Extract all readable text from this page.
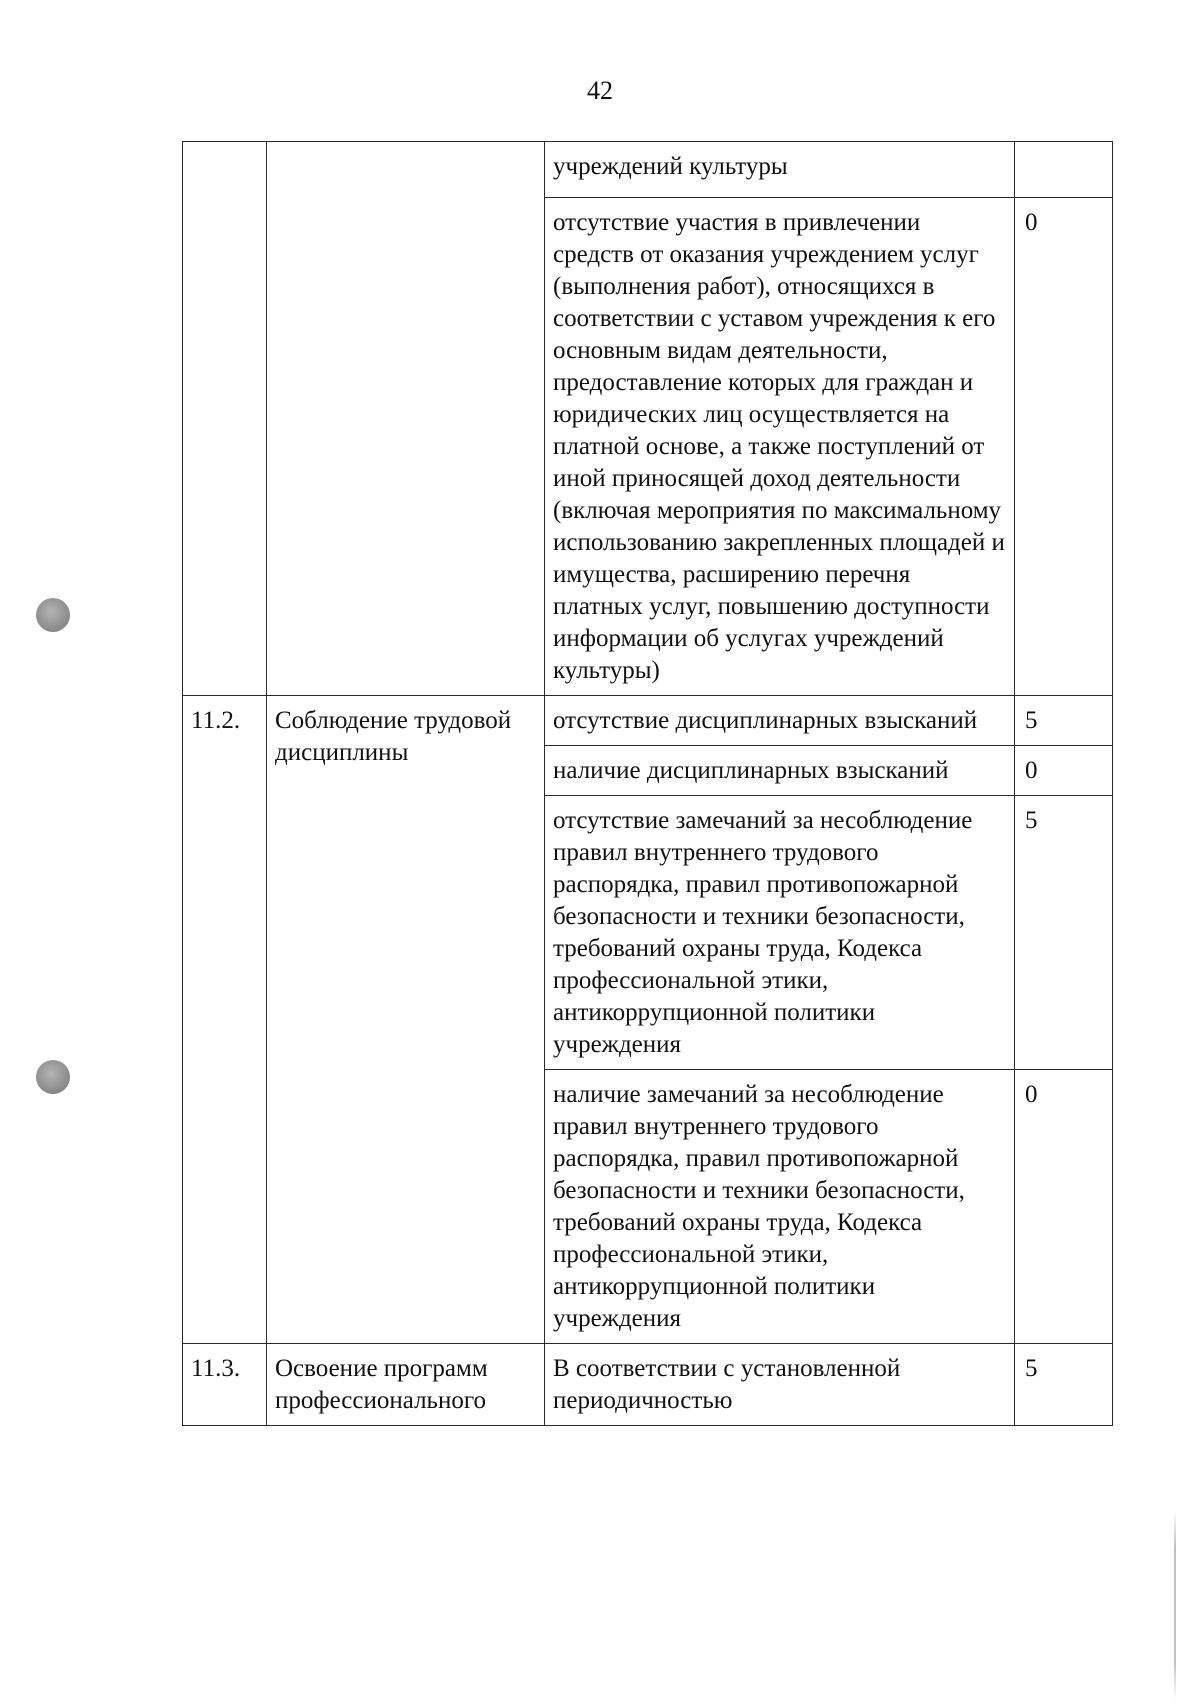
42

		учреждений культуры	

		отсутствие участия в привлечении средств от оказания учреждением услуг (выполнения работ), относящихся в соответствии с уставом учреждения к его основным видам деятельности, предоставление которых для граждан и юридических лиц осуществляется на платной основе, а также поступлений от иной приносящей доход деятельности (включая мероприятия по максимальному использованию закрепленных площадей и имущества, расширению перечня платных услуг, повышению доступности информации об услугах учреждений культуры)	0
11.2.	Соблюдение трудовой дисциплины	отсутствие дисциплинарных взысканий	5

		наличие дисциплинарных взысканий	0

		отсутствие замечаний за несоблюдение правил внутреннего трудового распорядка, правил противопожарной безопасности и техники безопасности, требований охраны труда, Кодекса профессиональной этики, антикоррупционной политики учреждения	5

		наличие замечаний за несоблюдение правил внутреннего трудового распорядка, правил противопожарной безопасности и техники безопасности, требований охраны труда, Кодекса профессиональной этики, антикоррупционной политики учреждения	0
11.3.	Освоение программ профессионального	В соответствии с установленной периодичностью	5
